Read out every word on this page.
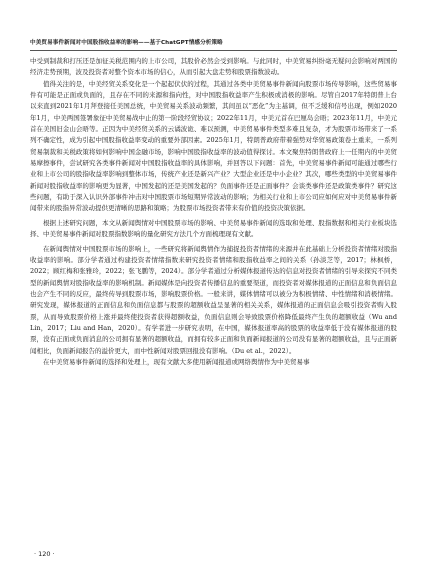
中美贸易事件新闻对中国股指收益率的影响——基于ChatGPT情感分析策略

中受到制裁和打压还是加征关税范围内的上市公司，其股价必然会受到影响。与此同时，中美贸易纠纷毫无疑问会影响对两国的经济走势预期，波及投资者对整个资本市场的信心，从而引起大盘走势和股票指数波动。

值得关注的是，中美经贸关系变化是一个起起伏伏的过程，其通过各类中美贸易事件新闻向股票市场传导影响，这些贸易事件有可能是正面或负面的，且存在不同的来源和指向性，对中国股指收益率产生积极或消极的影响。尽管自2017年特朗普上台以来直到2021年1月拜登接任美国总统，中美贸易关系波动频繁，其间虽以“恶化”为主基调，但不乏缓和信号出现，例如2020年1月，中美两国签署象征中美贸易战中止的第一阶段经贸协议；2022年11月，中美元首在巴厘岛会晤；2023年11月，中美元首在美国旧金山会晤等。正因为中美经贸关系的云谲波诡、难以预测，中美贸易事件类型多难且复杂，才为股票市场带来了一系列不确定性，成为引起中国股指收益率变动的重要外部因素。2025年1月，特朗普政府带着强势对华贸易政策卷土重来，一系列贸易制裁和关税政策将如何影响中国金融市场，影响中国股指收益率的波动值得探讨。本文聚焦特朗普政府上一任期内的中美贸易摩擦事件，尝试研究各类事件新闻对中国股指收益率的具体影响，并回答以下问题：首先，中美贸易事件新闻可能通过哪些行业和上市公司的股指收益率影响到整体市场，传统产业还是新兴产业？大型企业还是中小企业？其次，哪些类型的中美贸易事件新闻对股指收益率的影响更为显著，中国发起的还是美国发起的？负面事件还是正面事件？会谈类事件还是政策类事件？研究这些问题，有助于深入认识外部事件冲击对中国股票市场短期异常波动的影响；为相关行业和上市公司应如何应对中美贸易事件新闻带来的股指异常波动提供更清晰的思路和策略；为股票市场投资者带来有价值的投资决策依据。

根据上述研究问题，本文从新闻舆情对中国股票市场的影响、中美贸易事件新闻的选取和处理、股指数据和相关行业板块选择、中美贸易事件新闻对股票指数影响的量化研究方法几个方面梳理现有文献。

在新闻舆情对中国股票市场的影响上，一些研究将新闻舆情作为捕捉投资者情绪的来源并在此基础上分析投资者情绪对股指收益率的影响。部分学者通过构建投资者情绪指数来研究投资者情绪和股指收益率之间的关系（孙淡芝等，2017；林枫桥，2022；顾红梅和张雅玲，2022；张飞鹏等，2024）。部分学者通过分析媒体报道传达的信息对投资者情绪的引导来探究不同类型的新闻舆情对股指收益率的影响机制。新闻媒体是向投资者传播信息的重要渠道，而投资者对媒体报道的正面信息和负面信息也会产生不同的反应，最终传导到股票市场，影响股票价格。一般来讲，媒体情绪可以被分为积极情绪、中性情绪和消极情绪。研究发现，媒体报道的正面信息和负面信息都与股票的超额收益呈显著的相关关系，媒体报道的正面信息会吸引投资者购入股票，从而导致股票价格上涨并最终使投资者获得超额收益，负面信息则会导致股票价格降低最终产生负的超额收益（Wu and Lin，2017；Liu and Han，2020）。有学者进一步研究表明，在中国，媒体报道率高的股票的收益率低于没有媒体报道的股票，没有正面或负面消息的公司拥有显著的超额收益，而拥有较多正面和负面新闻报道的公司没有显著的超额收益，且与正面新闻相比，负面新闻报告的溢价更大，而中性新闻对股票回报没有影响。（Du et al.，2022）。

在中美贸易事件新闻的选择和处理上，现有文献大多使用新闻报道或网络舆情作为中美贸易事

· 120 ·
